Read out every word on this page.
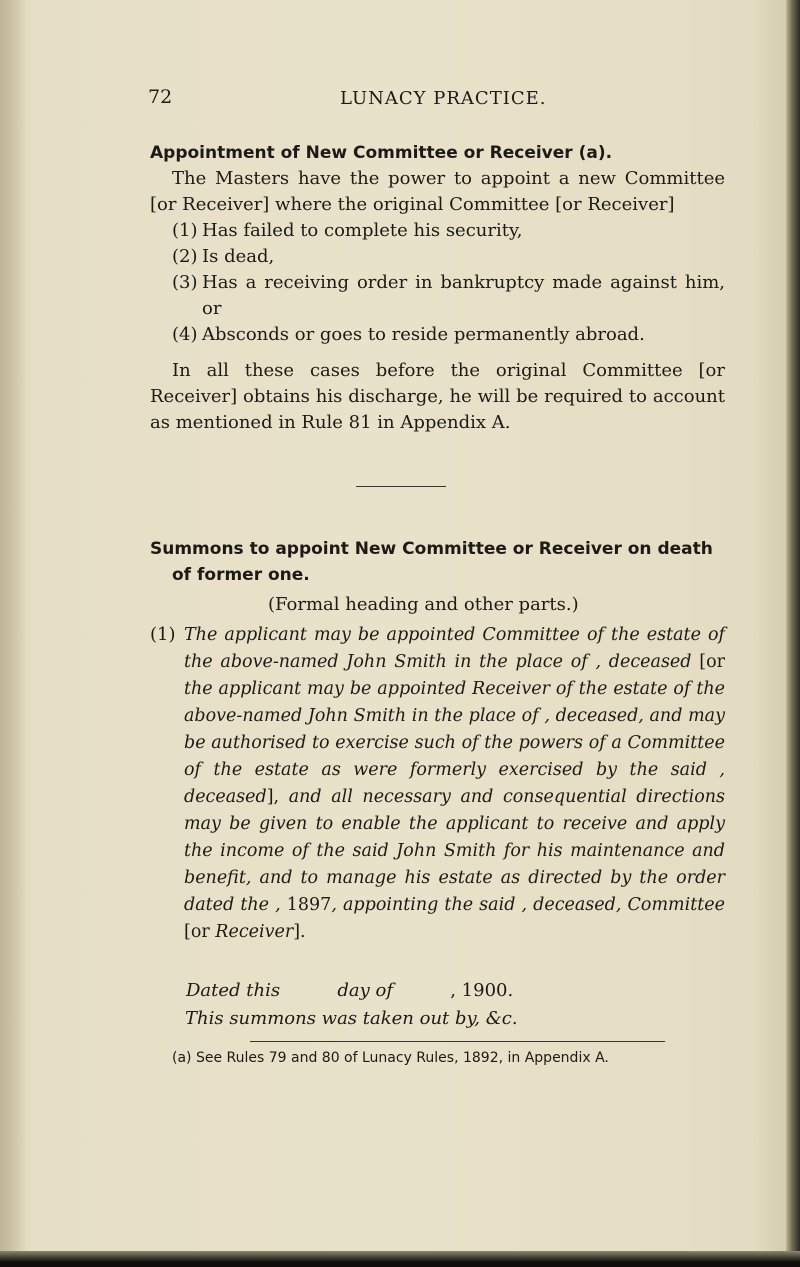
72	LUNACY PRACTICE.
Appointment of New Committee or Receiver (a).
The Masters have the power to appoint a new Committee [or Receiver] where the original Committee [or Receiver]
(1) Has failed to complete his security,
(2) Is dead,
(3) Has a receiving order in bankruptcy made against him, or
(4) Absconds or goes to reside permanently abroad.
In all these cases before the original Committee [or Receiver] obtains his discharge, he will be required to account as mentioned in Rule 81 in Appendix A.
Summons to appoint New Committee or Receiver on death of former one.
(Formal heading and other parts.)
(1) The applicant may be appointed Committee of the estate of the above-named John Smith in the place of , deceased [or the applicant may be appointed Receiver of the estate of the above-named John Smith in the place of , deceased, and may be authorised to exercise such of the powers of a Committee of the estate as were formerly exercised by the said , deceased], and all necessary and consequential directions may be given to enable the applicant to receive and apply the income of the said John Smith for his maintenance and benefit, and to manage his estate as directed by the order dated the , 1897, appointing the said , deceased, Committee [or Receiver].
Dated this	day of	, 1900.
This summons was taken out by, &c.
(a) See Rules 79 and 80 of Lunacy Rules, 1892, in Appendix A.
